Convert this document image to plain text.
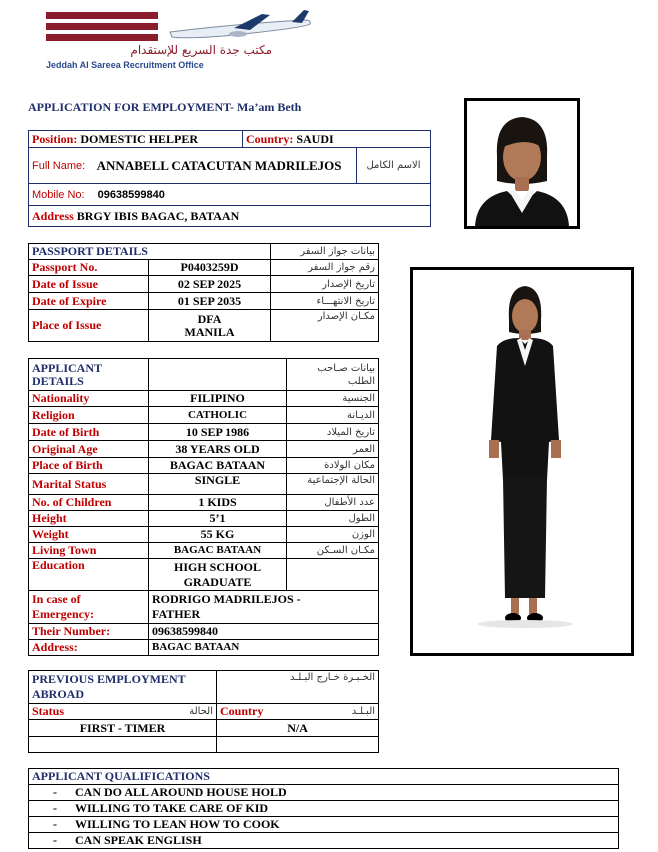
مكتب جدة السريع للإستقدام
Jeddah Al Sareea Recruitment Office
APPLICATION FOR EMPLOYMENT- Ma’am Beth
Position: DOMESTIC HELPER	Country: SAUDI	

Full Name: ANNABELL CATACUTAN MADRILEJOS		الاسم الكامل
Mobile No: 09638599840		
Address BRGY IBIS BAGAC, BATAAN		
PASSPORT DETAILS		بيانات جواز السفر
Passport No.	P0403259D	رقم جواز السفر
Date of Issue	02 SEP 2025	تاريخ الإصدار
Date of Expire	01 SEP 2035	تاريخ الانتهـــاء
Place of Issue	DFA MANILA	مكـان الإصدار
APPLICANT DETAILS		بيانات صـاحب الطلب
Nationality	FILIPINO	الجنسية
Religion	CATHOLIC	الديـانة
Date of Birth	10 SEP 1986	تاريخ الميلاد
Original Age	38 YEARS OLD	العمر
Place of Birth	BAGAC BATAAN	مكان الولادة
Marital Status	SINGLE	الحالة الإجتماعية
No. of Children	1 KIDS	عدد الأطفال
Height	5’1	الطول
Weight	55 KG	الوزن
Living Town	BAGAC BATAAN	مكـان السـكن
Education	HIGH SCHOOL GRADUATE	
In case of Emergency:	RODRIGO MADRILEJOS - FATHER	
Their Number:	09638599840	
Address:	BAGAC BATAAN	
PREVIOUS EMPLOYMENT ABROAD		الخـبـرة خـارج البـلـد	
Status	الحالة	Country	البـلـد
FIRST - TIMER		N/A	

APPLICANT QUALIFICATIONS
- CAN DO ALL AROUND HOUSE HOLD
- WILLING TO TAKE CARE OF KID
- WILLING TO LEAN HOW TO COOK
- CAN SPEAK ENGLISH
